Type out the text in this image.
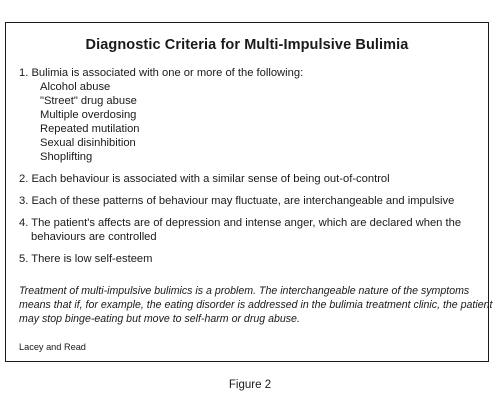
Diagnostic Criteria for Multi-Impulsive Bulimia
1. Bulimia is associated with one or more of the following:
Alcohol abuse
"Street" drug abuse
Multiple overdosing
Repeated mutilation
Sexual disinhibition
Shoplifting
2. Each behaviour is associated with a similar sense of being out-of-control
3. Each of these patterns of behaviour may fluctuate, are interchangeable and impulsive
4. The patient's affects are of depression and intense anger, which are declared when the
behaviours are controlled
5. There is low self-esteem
Treatment of multi-impulsive bulimics is a problem. The interchangeable nature of the symptoms
means that if, for example, the eating disorder is addressed in the bulimia treatment clinic, the patient
may stop binge-eating but move to self-harm or drug abuse.
Lacey and Read
Figure 2
